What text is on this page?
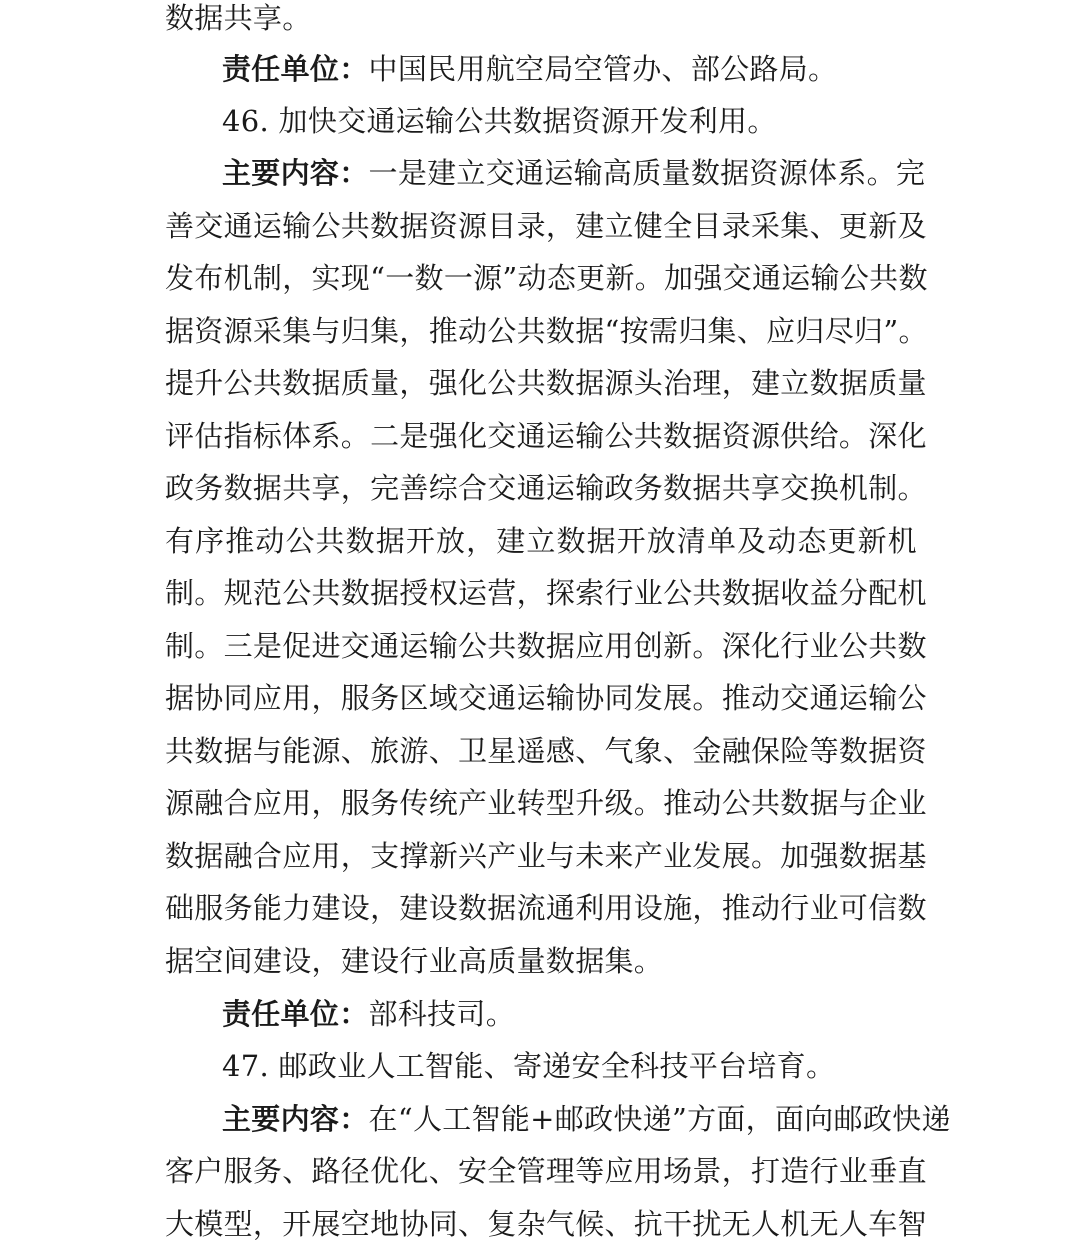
数据共享。
责任单位：中国民用航空局空管办、部公路局。
46. 加快交通运输公共数据资源开发利用。
主要内容：一是建立交通运输高质量数据资源体系。完
善交通运输公共数据资源目录，建立健全目录采集、更新及
发布机制，实现“一数一源”动态更新。加强交通运输公共数
据资源采集与归集，推动公共数据“按需归集、应归尽归”。
提升公共数据质量，强化公共数据源头治理，建立数据质量
评估指标体系。二是强化交通运输公共数据资源供给。深化
政务数据共享，完善综合交通运输政务数据共享交换机制。
有序推动公共数据开放，建立数据开放清单及动态更新机
制。规范公共数据授权运营，探索行业公共数据收益分配机
制。三是促进交通运输公共数据应用创新。深化行业公共数
据协同应用，服务区域交通运输协同发展。推动交通运输公
共数据与能源、旅游、卫星遥感、气象、金融保险等数据资
源融合应用，服务传统产业转型升级。推动公共数据与企业
数据融合应用，支撑新兴产业与未来产业发展。加强数据基
础服务能力建设，建设数据流通利用设施，推动行业可信数
据空间建设，建设行业高质量数据集。
责任单位：部科技司。
47. 邮政业人工智能、寄递安全科技平台培育。
主要内容：在“人工智能+邮政快递”方面，面向邮政快递
客户服务、路径优化、安全管理等应用场景，打造行业垂直
大模型，开展空地协同、复杂气候、抗干扰无人机无人车智
